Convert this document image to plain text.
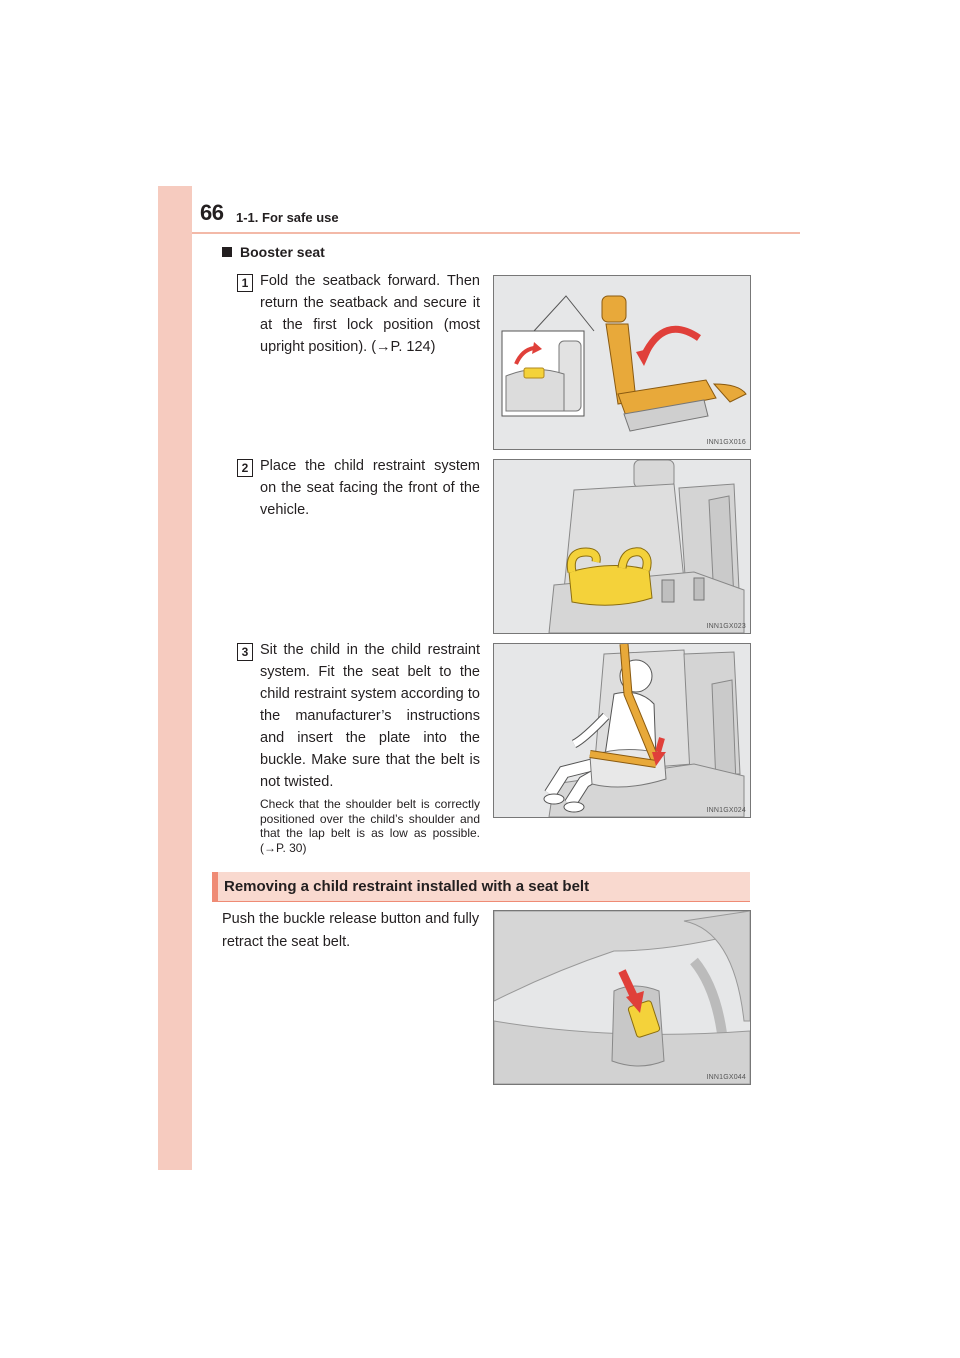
66 1-1. For safe use
Booster seat
1 Fold the seatback forward. Then return the seatback and secure it at the first lock position (most upright position). (→P. 124)
INN1GX016
2 Place the child restraint system on the seat facing the front of the vehicle.
INN1GX023
3 Sit the child in the child restraint system. Fit the seat belt to the child restraint system according to the manufacturer’s instructions and insert the plate into the buckle. Make sure that the belt is not twisted.
Check that the shoulder belt is correctly positioned over the child’s shoulder and that the lap belt is as low as possible. (→P. 30)
INN1GX024
Removing a child restraint installed with a seat belt
Push the buckle release button and fully retract the seat belt.
INN1GX044
